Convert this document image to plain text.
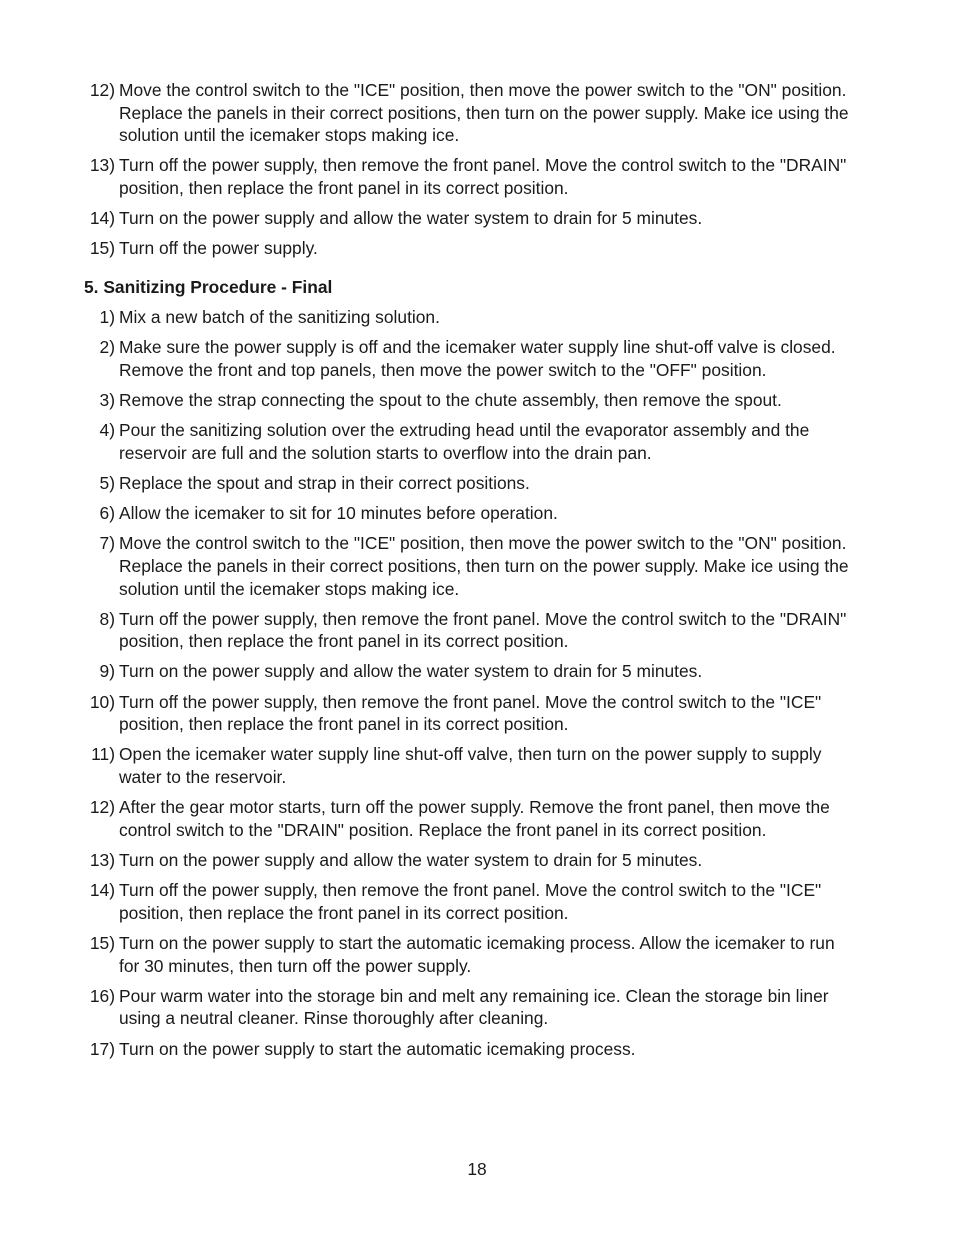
12) Move the control switch to the "ICE" position, then move the power switch to the "ON" position. Replace the panels in their correct positions, then turn on the power supply. Make ice using the solution until the icemaker stops making ice.
13) Turn off the power supply, then remove the front panel. Move the control switch to the "DRAIN" position, then replace the front panel in its correct position.
14) Turn on the power supply and allow the water system to drain for 5 minutes.
15) Turn off the power supply.
5. Sanitizing Procedure - Final
1) Mix a new batch of the sanitizing solution.
2) Make sure the power supply is off and the icemaker water supply line shut-off valve is closed. Remove the front and top panels, then move the power switch to the "OFF" position.
3) Remove the strap connecting the spout to the chute assembly, then remove the spout.
4) Pour the sanitizing solution over the extruding head until the evaporator assembly and the reservoir are full and the solution starts to overflow into the drain pan.
5) Replace the spout and strap in their correct positions.
6) Allow the icemaker to sit for 10 minutes before operation.
7) Move the control switch to the "ICE" position, then move the power switch to the "ON" position. Replace the panels in their correct positions, then turn on the power supply. Make ice using the solution until the icemaker stops making ice.
8) Turn off the power supply, then remove the front panel. Move the control switch to the "DRAIN" position, then replace the front panel in its correct position.
9) Turn on the power supply and allow the water system to drain for 5 minutes.
10) Turn off the power supply, then remove the front panel. Move the control switch to the "ICE" position, then replace the front panel in its correct position.
11) Open the icemaker water supply line shut-off valve, then turn on the power supply to supply water to the reservoir.
12) After the gear motor starts, turn off the power supply. Remove the front panel, then move the control switch to the "DRAIN" position. Replace the front panel in its correct position.
13) Turn on the power supply and allow the water system to drain for 5 minutes.
14) Turn off the power supply, then remove the front panel. Move the control switch to the "ICE" position, then replace the front panel in its correct position.
15) Turn on the power supply to start the automatic icemaking process. Allow the icemaker to run for 30 minutes, then turn off the power supply.
16) Pour warm water into the storage bin and melt any remaining ice. Clean the storage bin liner using a neutral cleaner. Rinse thoroughly after cleaning.
17) Turn on the power supply to start the automatic icemaking process.
18
